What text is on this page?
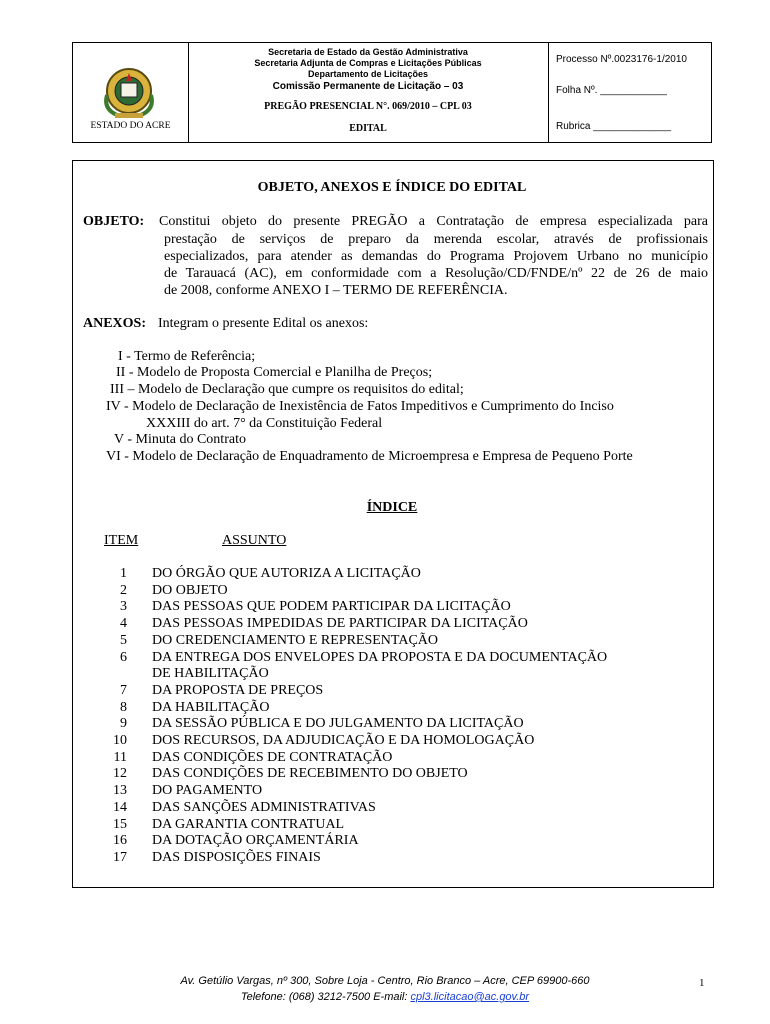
ESTADO DO ACRE
Secretaria de Estado da Gestão Administrativa
Secretaria Adjunta de Compras e Licitações Públicas
Departamento de Licitações
Comissão Permanente de Licitação – 03
PREGÃO PRESENCIAL N°. 069/2010 – CPL 03
EDITAL
Processo Nº.0023176-1/2010
Folha Nº. ____________
Rubrica ______________
OBJETO, ANEXOS E ÍNDICE DO EDITAL
OBJETO: Constitui objeto do presente PREGÃO a Contratação de empresa especializada para
prestação de serviços de preparo da merenda escolar, através de profissionais
especializados, para atender as demandas do Programa Projovem Urbano no município
de Tarauacá (AC), em conformidade com a Resolução/CD/FNDE/nº 22 de 26 de maio
de 2008, conforme ANEXO I – TERMO DE REFERÊNCIA.
ANEXOS: Integram o presente Edital os anexos:
I - Termo de Referência;
II - Modelo de Proposta Comercial e Planilha de Preços;
III – Modelo de Declaração que cumpre os requisitos do edital;
IV - Modelo de Declaração de Inexistência de Fatos Impeditivos e Cumprimento do Inciso
XXXIII do art. 7° da Constituição Federal
V - Minuta do Contrato
VI - Modelo de Declaração de Enquadramento de Microempresa e Empresa de Pequeno Porte
ÍNDICE
ITEM	ASSUNTO
1 DO ÓRGÃO QUE AUTORIZA A LICITAÇÃO
2 DO OBJETO
3 DAS PESSOAS QUE PODEM PARTICIPAR DA LICITAÇÃO
4 DAS PESSOAS IMPEDIDAS DE PARTICIPAR DA LICITAÇÃO
5 DO CREDENCIAMENTO E REPRESENTAÇÃO
6 DA ENTREGA DOS ENVELOPES DA PROPOSTA E DA DOCUMENTAÇÃO
DE HABILITAÇÃO
7 DA PROPOSTA DE PREÇOS
8 DA HABILITAÇÃO
9 DA SESSÃO PÚBLICA E DO JULGAMENTO DA LICITAÇÃO
10 DOS RECURSOS, DA ADJUDICAÇÃO E DA HOMOLOGAÇÃO
11 DAS CONDIÇÕES DE CONTRATAÇÃO
12 DAS CONDIÇÕES DE RECEBIMENTO DO OBJETO
13 DO PAGAMENTO
14 DAS SANÇÕES ADMINISTRATIVAS
15 DA GARANTIA CONTRATUAL
16 DA DOTAÇÃO ORÇAMENTÁRIA
17 DAS DISPOSIÇÕES FINAIS
Av. Getúlio Vargas, nº 300, Sobre Loja - Centro, Rio Branco – Acre, CEP 69900-660
Telefone: (068) 3212-7500 E-mail: cpl3.licitacao@ac.gov.br
1
